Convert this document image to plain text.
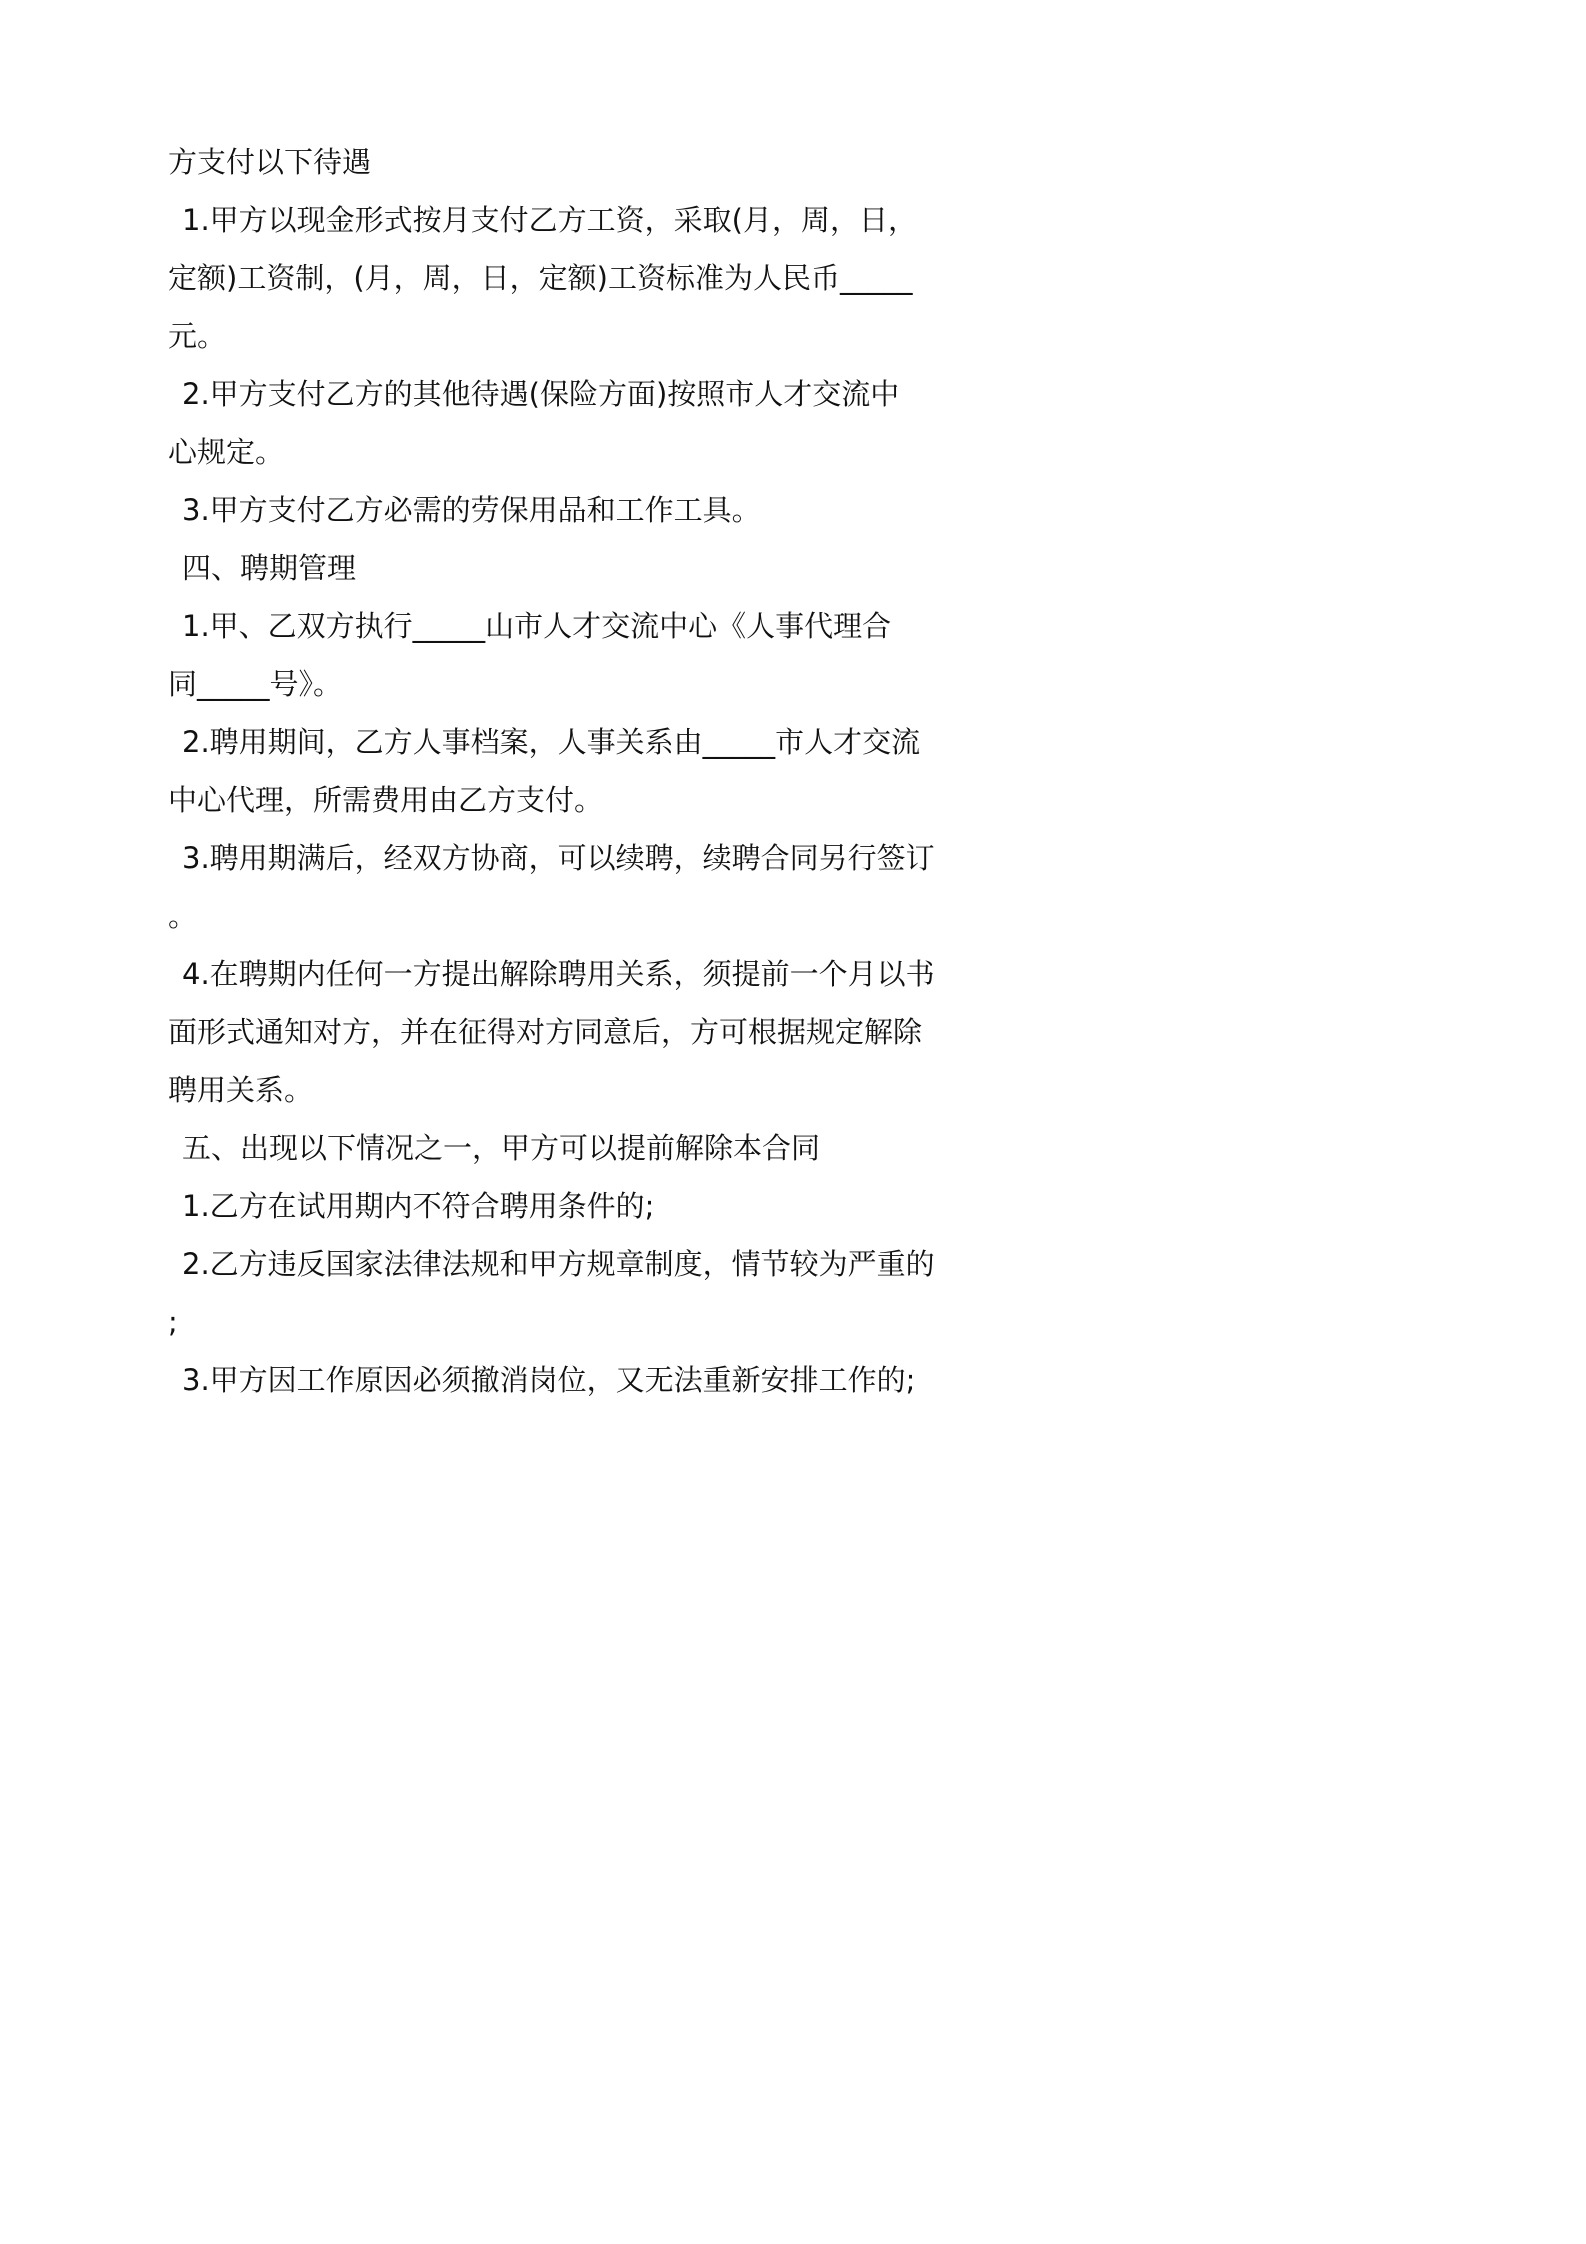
方支付以下待遇
1.甲方以现金形式按月支付乙方工资，采取(月，周，日，
定额)工资制，(月，周，日，定额)工资标准为人民币_____
元。
2.甲方支付乙方的其他待遇(保险方面)按照市人才交流中
心规定。
3.甲方支付乙方必需的劳保用品和工作工具。
四、聘期管理
1.甲、乙双方执行_____山市人才交流中心《人事代理合
同_____号》。
2.聘用期间，乙方人事档案，人事关系由_____市人才交流
中心代理，所需费用由乙方支付。
3.聘用期满后，经双方协商，可以续聘，续聘合同另行签订
。
4.在聘期内任何一方提出解除聘用关系，须提前一个月以书
面形式通知对方，并在征得对方同意后，方可根据规定解除
聘用关系。
五、出现以下情况之一，甲方可以提前解除本合同
1.乙方在试用期内不符合聘用条件的;
2.乙方违反国家法律法规和甲方规章制度，情节较为严重的
;
3.甲方因工作原因必须撤消岗位，又无法重新安排工作的;
